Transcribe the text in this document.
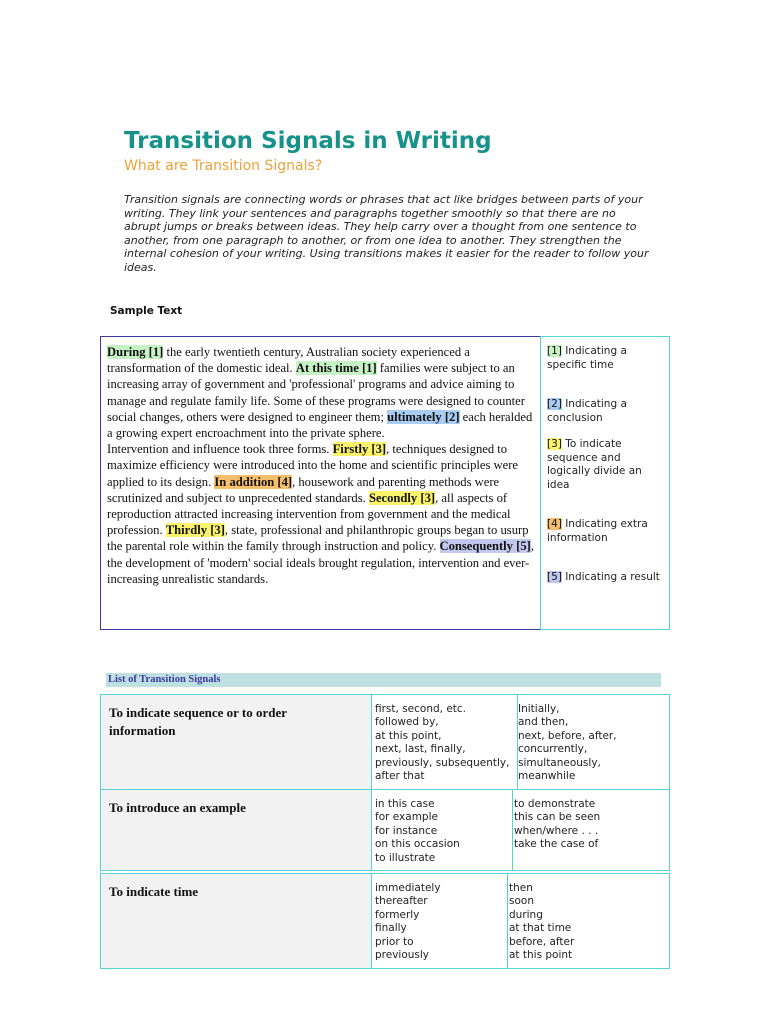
Transition Signals in Writing
What are Transition Signals?
Transition signals are connecting words or phrases that act like bridges between parts of your writing. They link your sentences and paragraphs together smoothly so that there are no abrupt jumps or breaks between ideas. They help carry over a thought from one sentence to another, from one paragraph to another, or from one idea to another. They strengthen the internal cohesion of your writing. Using transitions makes it easier for the reader to follow your ideas.
Sample Text

During [1] the early twentieth century, Australian society experienced a transformation of the domestic ideal. At this time [1] families were subject to an increasing array of government and 'professional' programs and advice aiming to manage and regulate family life. Some of these programs were designed to counter social changes, others were designed to engineer them; ultimately [2] each heralded a growing expert encroachment into the private sphere.

Intervention and influence took three forms. Firstly [3], techniques designed to maximize efficiency were introduced into the home and scientific principles were applied to its design. In addition [4], housework and parenting methods were scrutinized and subject to unprecedented standards. Secondly [3], all aspects of reproduction attracted increasing intervention from government and the medical profession. Thirdly [3], state, professional and philanthropic groups began to usurp the parental role within the family through instruction and policy. Consequently [5], the development of 'modern' social ideals brought regulation, intervention and ever-increasing unrealistic standards.

[1] Indicating a specific time
[2] Indicating a conclusion
[3] To indicate sequence and logically divide an idea
[4] Indicating extra information
[5] Indicating a result
List of Transition Signals
To indicate sequence or to order information
first, second, etc.
followed by,
at this point,
next, last, finally,
previously, subsequently,
after that
Initially,
and then,
next, before, after,
concurrently,
simultaneously,
meanwhile
To introduce an example	in this case
for example
for instance
on this occasion
to illustrate
to demonstrate
this can be seen
when/where . . .
take the case of
To indicate time	immediately
thereafter
formerly
finally
prior to
previously
then
soon
during
at that time
before, after
at this point
